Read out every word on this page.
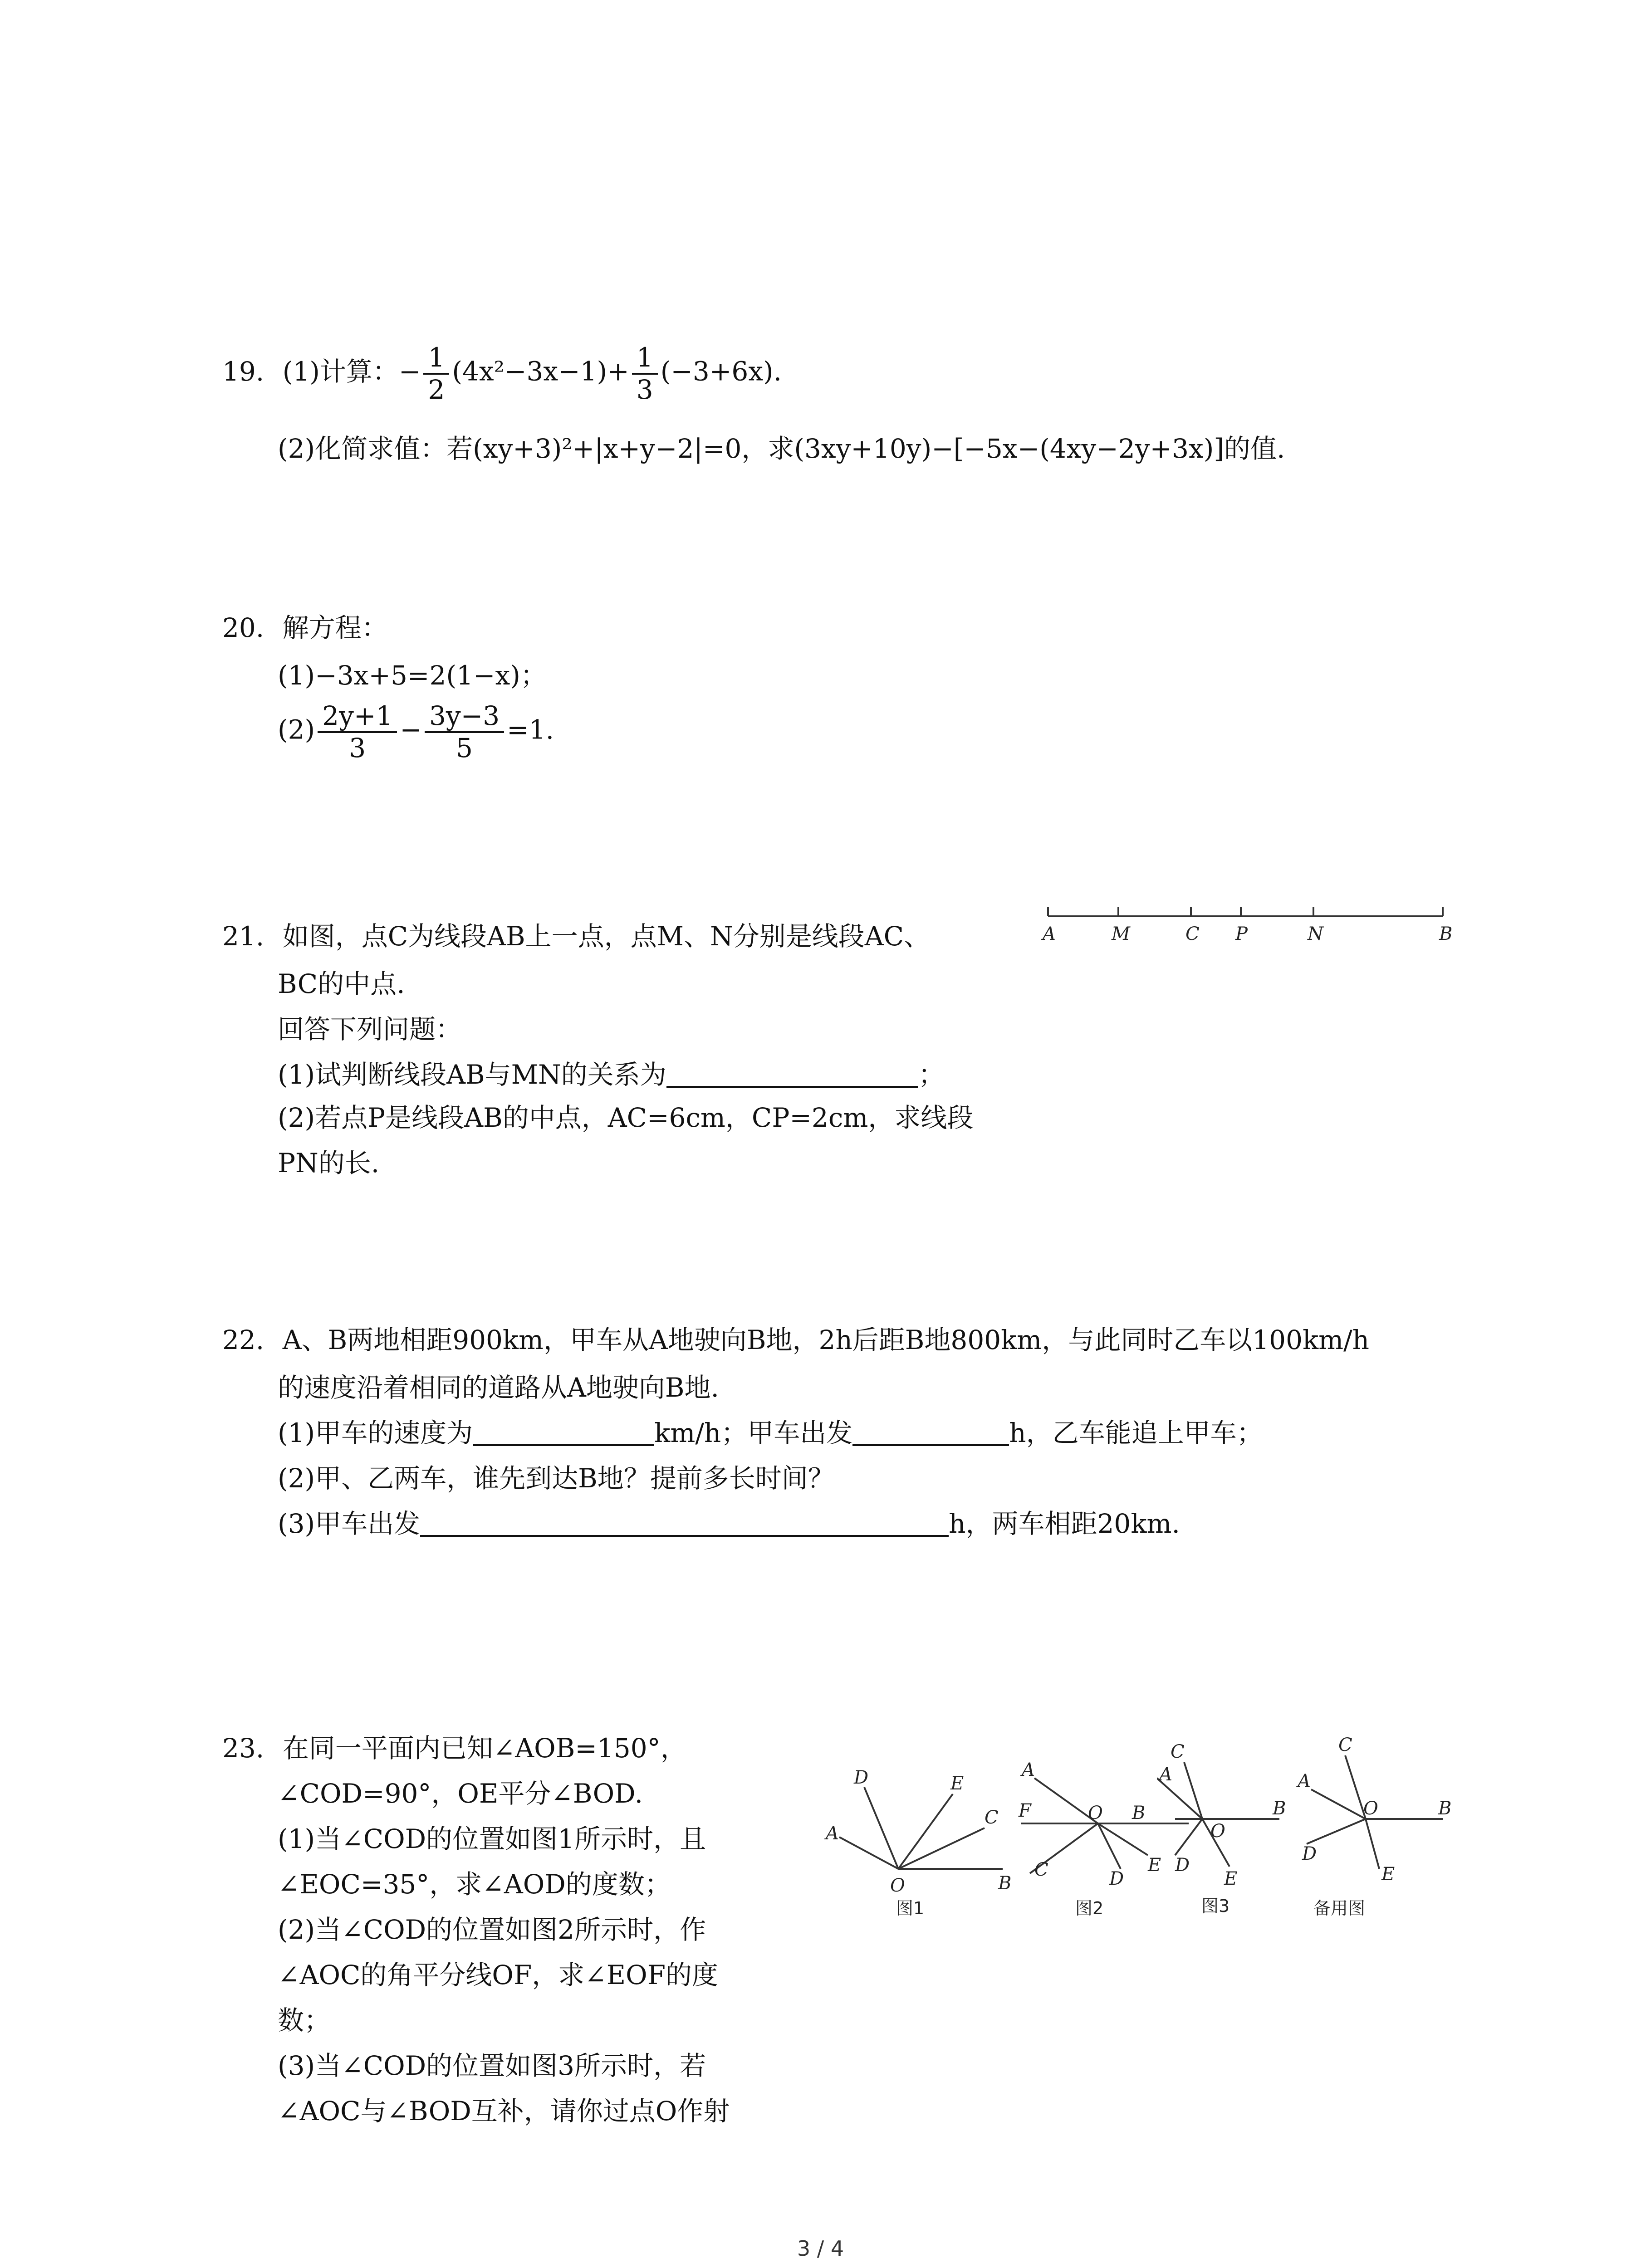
19. (1)计算：− $\frac{1}{2} (4x^2-3x-1)+ \frac{1}{3} (-3+6x)$.
(2)化简求值：若(xy+3)²+|x+y−2|=0，求(3xy+10y)−[−5x−(4xy−2y+3x)]的值.
20. 解方程：
(1)−3x+5=2(1−x)；
$(2) \frac{2y+1}{3} - \frac{3y-3}{5} =1$.
21. 如图，点C为线段AB上一点，点M、N分别是线段AC、
BC的中点.
回答下列问题：
(1)试判断线段AB与MN的关系为	；
(2)若点P是线段AB的中点，AC=6cm，CP=2cm，求线段
PN的长.
A	M	C P	N	B
22. A、B两地相距900km，甲车从A地驶向B地，2h后距B地800km，与此同时乙车以100km/h
的速度沿着相同的道路从A地驶向B地.
(1)甲车的速度为	km/h；甲车出发	h，乙车能追上甲车；
(2)甲、乙两车，谁先到达B地？提前多长时间？
(3)甲车出发	h，两车相距20km.
23. 在同一平面内已知∠AOB=150°，
∠COD=90°，OE平分∠BOD.
(1)当∠COD的位置如图1所示时，且
∠EOC=35°，求∠AOD的度数；
(2)当∠COD的位置如图2所示时，作
∠AOC的角平分线OF，求∠EOF的度
数；
(3)当∠COD的位置如图3所示时，若
∠AOC与∠BOD互补，请你过点O作射
D	E
A
C
O	B
图1
A
F	O B
C	D
E
图2
C
A
B
D
O
E
图3
C
A
O	B
D
E
备用图
3 / 4
